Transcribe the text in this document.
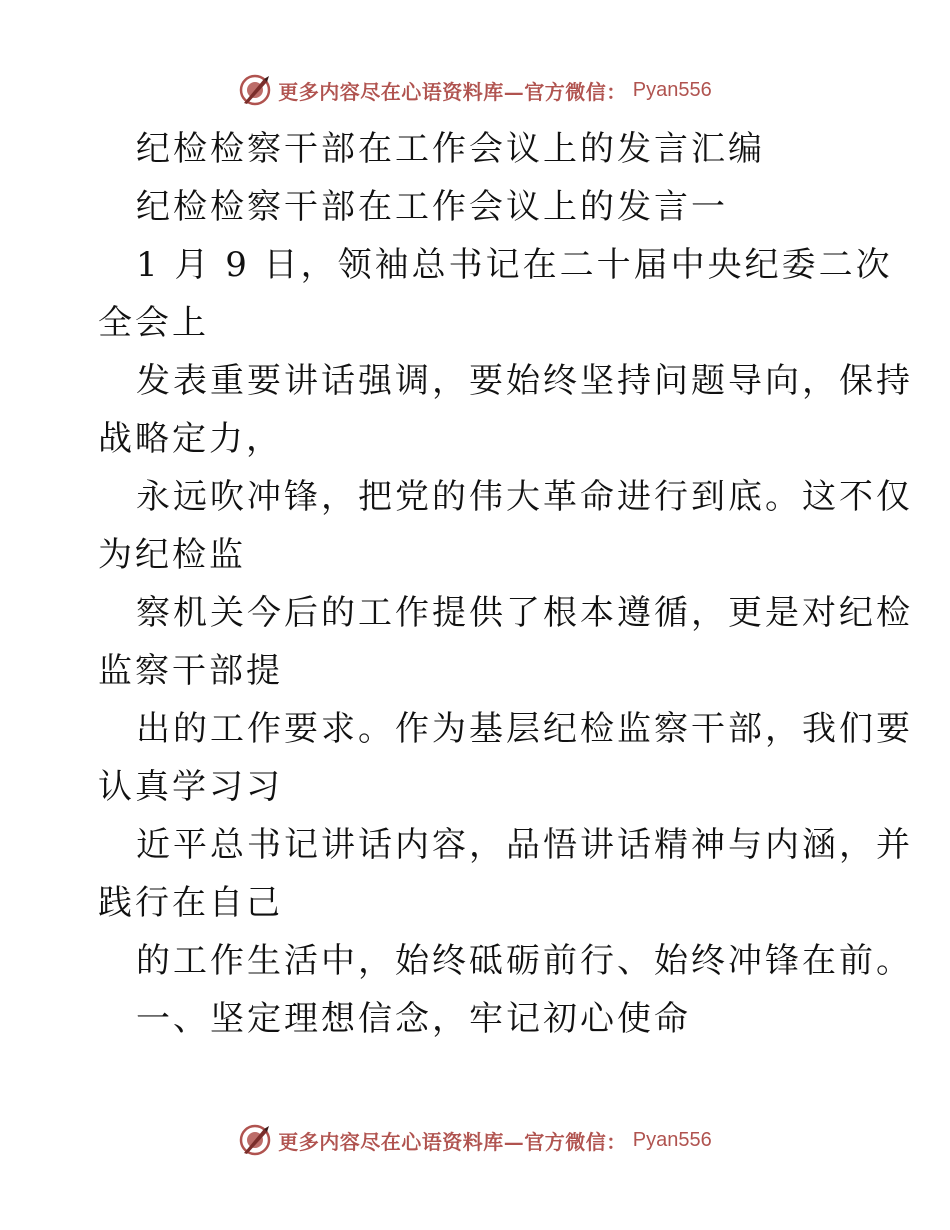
更多内容尽在心语资料库—官方微信： Pyan556
纪检检察干部在工作会议上的发言汇编
纪检检察干部在工作会议上的发言一
1 月 9 日，领袖总书记在二十届中央纪委二次
全会上
发表重要讲话强调，要始终坚持问题导向，保持
战略定力，
永远吹冲锋，把党的伟大革命进行到底。这不仅
为纪检监
察机关今后的工作提供了根本遵循，更是对纪检
监察干部提
出的工作要求。作为基层纪检监察干部，我们要
认真学习习
近平总书记讲话内容，品悟讲话精神与内涵，并
践行在自己
的工作生活中，始终砥砺前行、始终冲锋在前。
一、坚定理想信念，牢记初心使命
更多内容尽在心语资料库—官方微信： Pyan556
